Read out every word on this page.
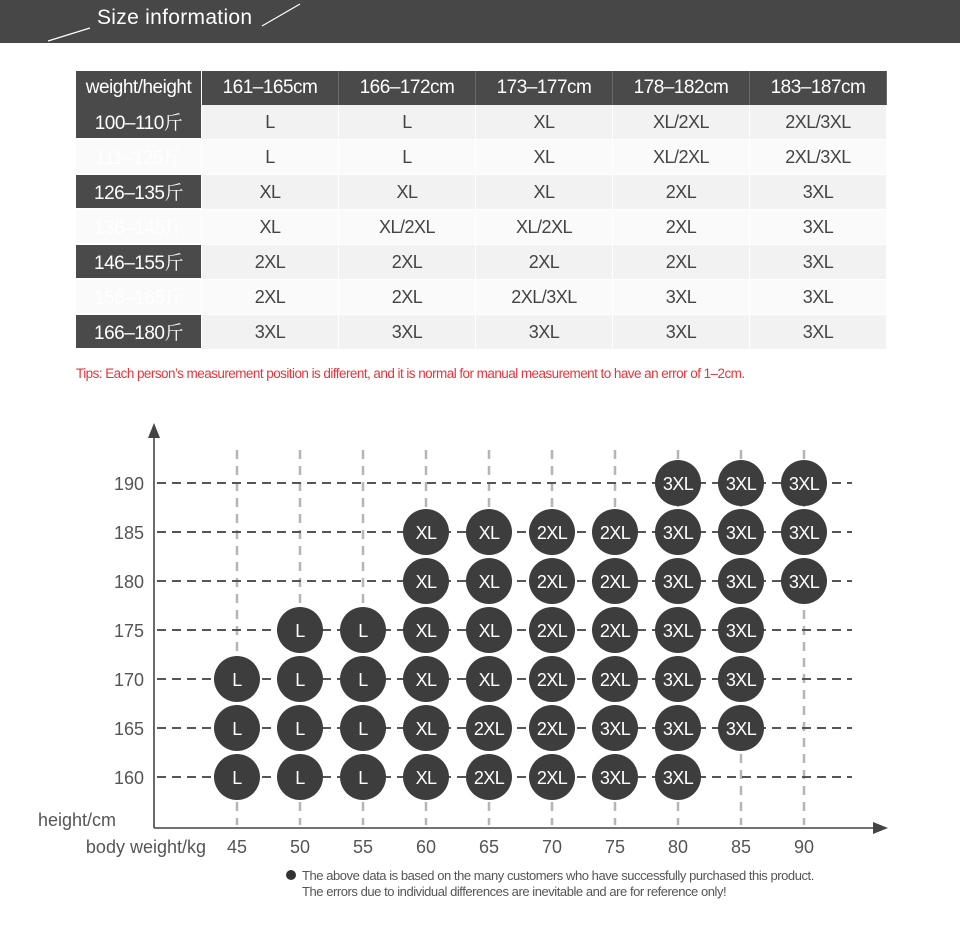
Size information
weight/height	161–165cm	166–172cm	173–177cm	178–182cm	183–187cm
100–110斤	L	L	XL	XL/2XL	2XL/3XL
111–125斤	L	L	XL	XL/2XL	2XL/3XL
126–135斤	XL	XL	XL	2XL	3XL
136–145斤	XL	XL/2XL	XL/2XL	2XL	3XL
146–155斤	2XL	2XL	2XL	2XL	3XL
156–165斤	2XL	2XL	2XL/3XL	3XL	3XL
166–180斤	3XL	3XL	3XL	3XL	3XL
Tips: Each person’s measurement position is different, and it is normal for manual measurement to have an error of 1–2cm.
160
165
170
175
180
185
190
45 50 55 60 65 70 75 80 85 90
height/cm
body weight/kg
3XL 3XL 3XL
XL XL 2XL 2XL 3XL 3XL 3XL
XL XL 2XL 2XL 3XL 3XL 3XL
L	L	XL XL 2XL 2XL 3XL 3XL
L	L	L	XL XL 2XL 2XL 3XL 3XL
L	L	L	XL 2XL 2XL 3XL 3XL 3XL
L	L	L	XL 2XL 2XL 3XL 3XL
The above data is based on the many customers who have successfully purchased this product.
The errors due to individual differences are inevitable and are for reference only!
